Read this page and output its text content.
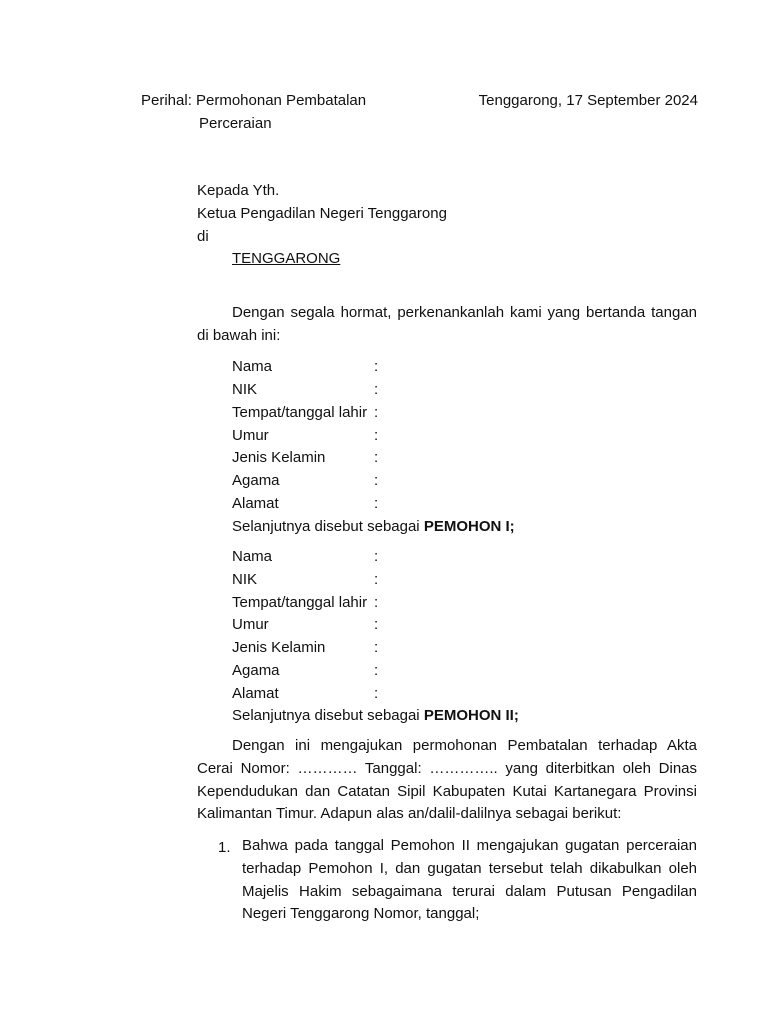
Perihal: Permohonan Pembatalan
Perceraian
Tenggarong, 17 September 2024
Kepada Yth.
Ketua Pengadilan Negeri Tenggarong
di
TENGGARONG
Dengan segala hormat, perkenankanlah kami yang bertanda tangan di bawah ini:
Nama	:
NIK	:
Tempat/tanggal lahir :
Umur	:
Jenis Kelamin	:
Agama	:
Alamat	:
Selanjutnya disebut sebagai PEMOHON I;
Nama	:
NIK	:
Tempat/tanggal lahir :
Umur	:
Jenis Kelamin	:
Agama	:
Alamat	:
Selanjutnya disebut sebagai PEMOHON II;
Dengan ini mengajukan permohonan Pembatalan terhadap Akta Cerai Nomor: ………… Tanggal: ………….. yang diterbitkan oleh Dinas Kependudukan dan Catatan Sipil Kabupaten Kutai Kartanegara Provinsi Kalimantan Timur. Adapun alas an/dalil-dalilnya sebagai berikut:
1. Bahwa pada tanggal Pemohon II mengajukan gugatan perceraian terhadap Pemohon I, dan gugatan tersebut telah dikabulkan oleh Majelis Hakim sebagaimana terurai dalam Putusan Pengadilan Negeri Tenggarong Nomor, tanggal;
